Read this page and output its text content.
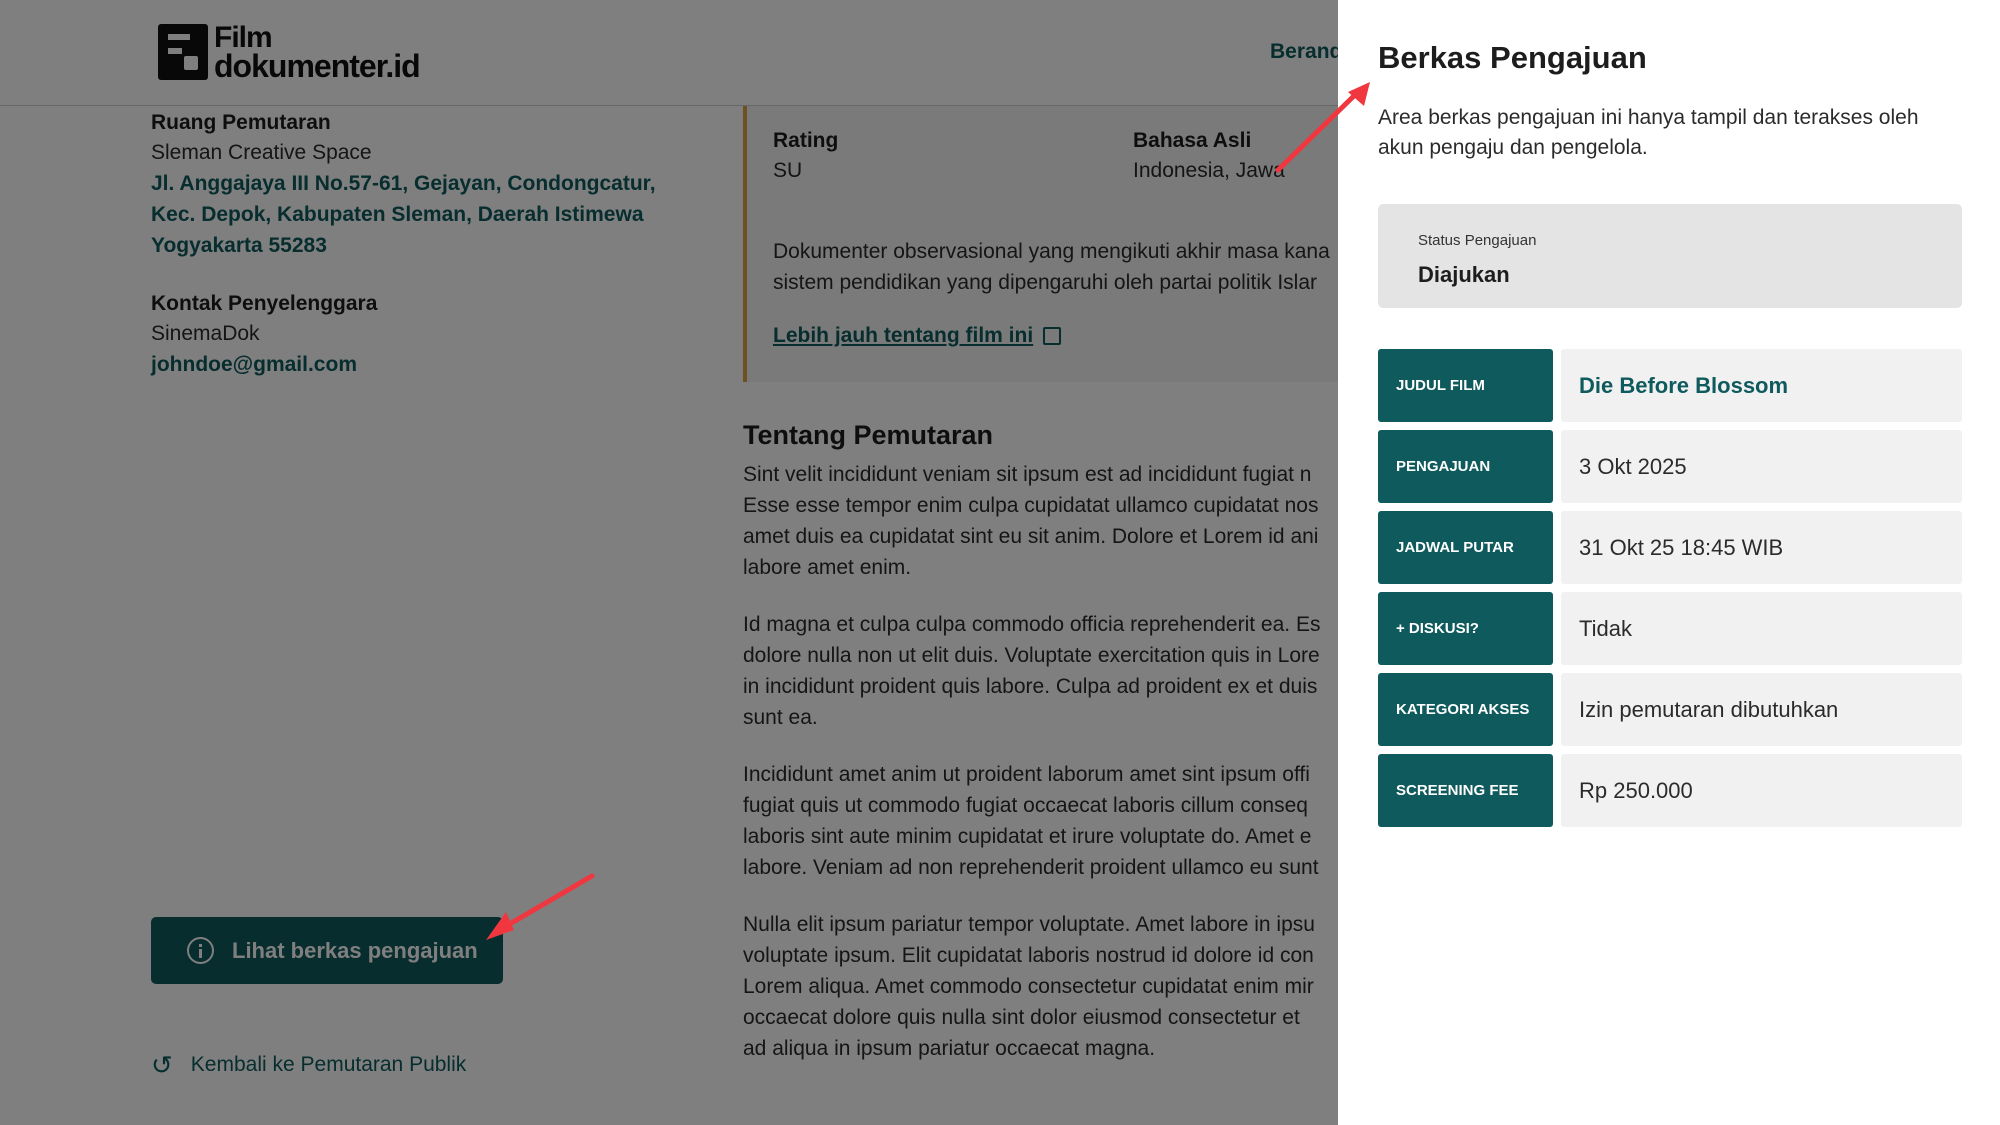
Berkas Pengajuan
Area berkas pengajuan ini hanya tampil dan terakses oleh akun pengaju dan pengelola.
Status Pengajuan
Diajukan
JUDUL FILM	Die Before Blossom
PENGAJUAN	3 Okt 2025
JADWAL PUTAR	31 Okt 25 18:45 WIB
+ DISKUSI?	Tidak
KATEGORI AKSES	Izin pemutaran dibutuhkan
SCREENING FEE	Rp 250.000
